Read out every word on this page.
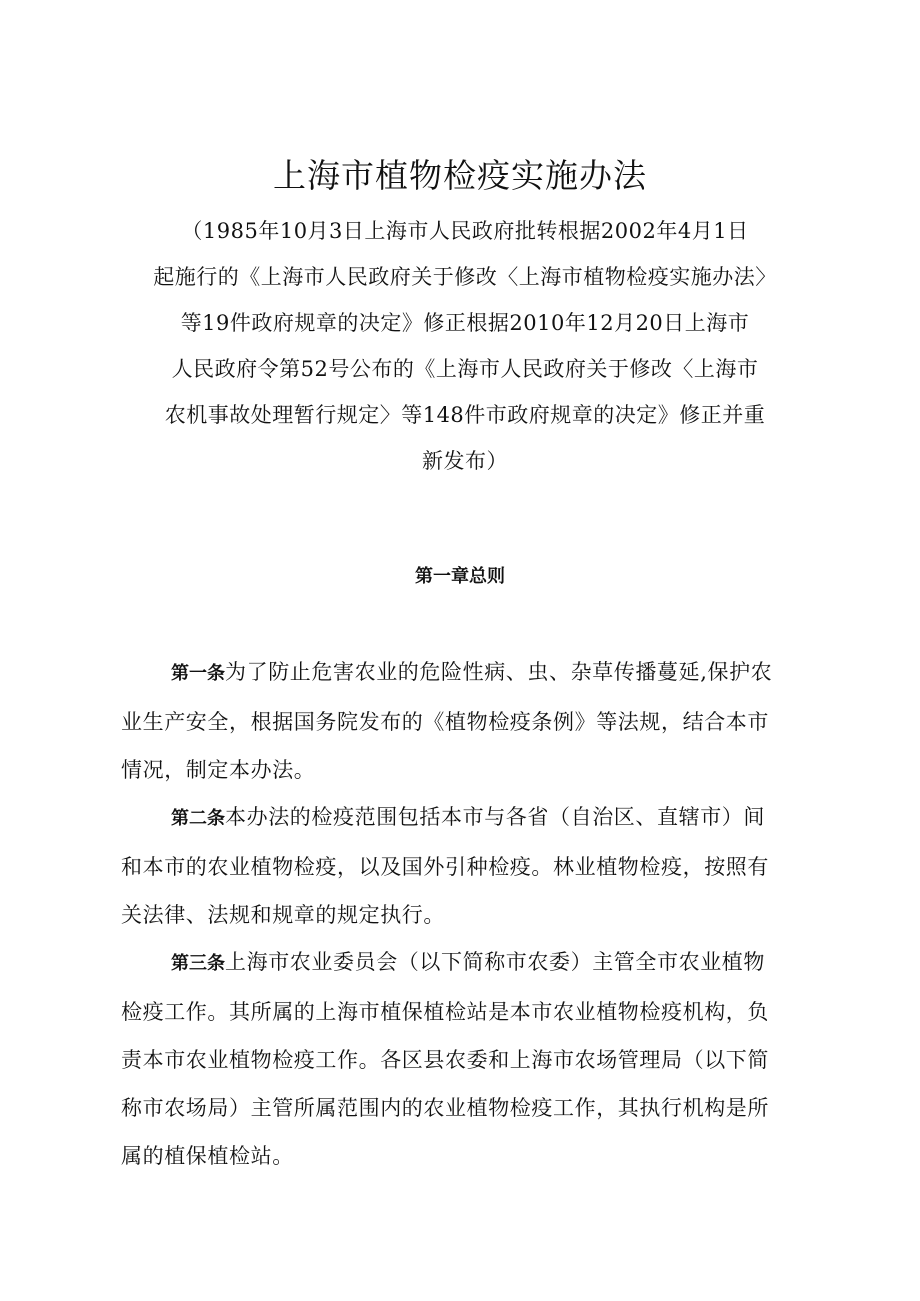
上海市植物检疫实施办法

（1985年10月3日上海市人民政府批转根据2002年4月1日
起施行的《上海市人民政府关于修改〈上海市植物检疫实施办法〉
等19件政府规章的决定》修正根据2010年12月20日上海市
人民政府令第52号公布的《上海市人民政府关于修改〈上海市
农机事故处理暂行规定〉等148件市政府规章的决定》修正并重
新发布）

第一章总则

第一条为了防止危害农业的危险性病、虫、杂草传播蔓延,保护农
业生产安全，根据国务院发布的《植物检疫条例》等法规，结合本市
情况，制定本办法。

第二条本办法的检疫范围包括本市与各省（自治区、直辖市）间
和本市的农业植物检疫，以及国外引种检疫。林业植物检疫，按照有
关法律、法规和规章的规定执行。

第三条上海市农业委员会（以下简称市农委）主管全市农业植物
检疫工作。其所属的上海市植保植检站是本市农业植物检疫机构，负
责本市农业植物检疫工作。各区县农委和上海市农场管理局（以下简
称市农场局）主管所属范围内的农业植物检疫工作，其执行机构是所
属的植保植检站。
